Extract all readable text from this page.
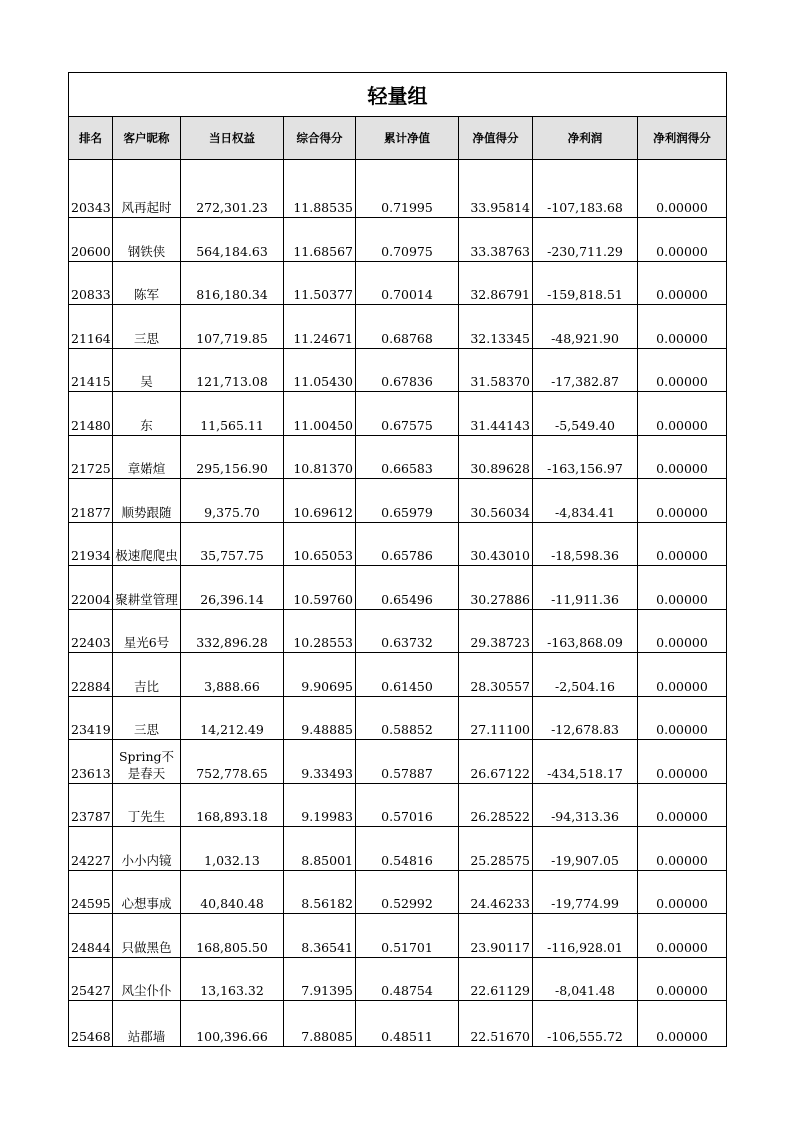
轻量组							
排名	客户昵称	当日权益	综合得分	累计净值	净值得分	净利润	净利润得分
20343	风再起时	272,301.23	11.88535	0.71995	33.95814	-107,183.68	0.00000
20600	钢铁侠	564,184.63	11.68567	0.70975	33.38763	-230,711.29	0.00000
20833	陈军	816,180.34	11.50377	0.70014	32.86791	-159,818.51	0.00000
21164	三思	107,719.85	11.24671	0.68768	32.13345	-48,921.90	0.00000
21415	吴	121,713.08	11.05430	0.67836	31.58370	-17,382.87	0.00000
21480	东	11,565.11	11.00450	0.67575	31.44143	-5,549.40	0.00000
21725	章婼煊	295,156.90	10.81370	0.66583	30.89628	-163,156.97	0.00000
21877	顺势跟随	9,375.70	10.69612	0.65979	30.56034	-4,834.41	0.00000
21934	极速爬爬虫	35,757.75	10.65053	0.65786	30.43010	-18,598.36	0.00000
22004	聚耕堂管理	26,396.14	10.59760	0.65496	30.27886	-11,911.36	0.00000
22403	星光6号	332,896.28	10.28553	0.63732	29.38723	-163,868.09	0.00000
22884	吉比	3,888.66	9.90695	0.61450	28.30557	-2,504.16	0.00000
23419	三思	14,212.49	9.48885	0.58852	27.11100	-12,678.83	0.00000
23613	Spring不是春天	752,778.65	9.33493	0.57887	26.67122	-434,518.17	0.00000
23787	丁先生	168,893.18	9.19983	0.57016	26.28522	-94,313.36	0.00000
24227	小小内镜	1,032.13	8.85001	0.54816	25.28575	-19,907.05	0.00000
24595	心想事成	40,840.48	8.56182	0.52992	24.46233	-19,774.99	0.00000
24844	只做黑色	168,805.50	8.36541	0.51701	23.90117	-116,928.01	0.00000
25427	风尘仆仆	13,163.32	7.91395	0.48754	22.61129	-8,041.48	0.00000
25468	站郡墙	100,396.66	7.88085	0.48511	22.51670	-106,555.72	0.00000
